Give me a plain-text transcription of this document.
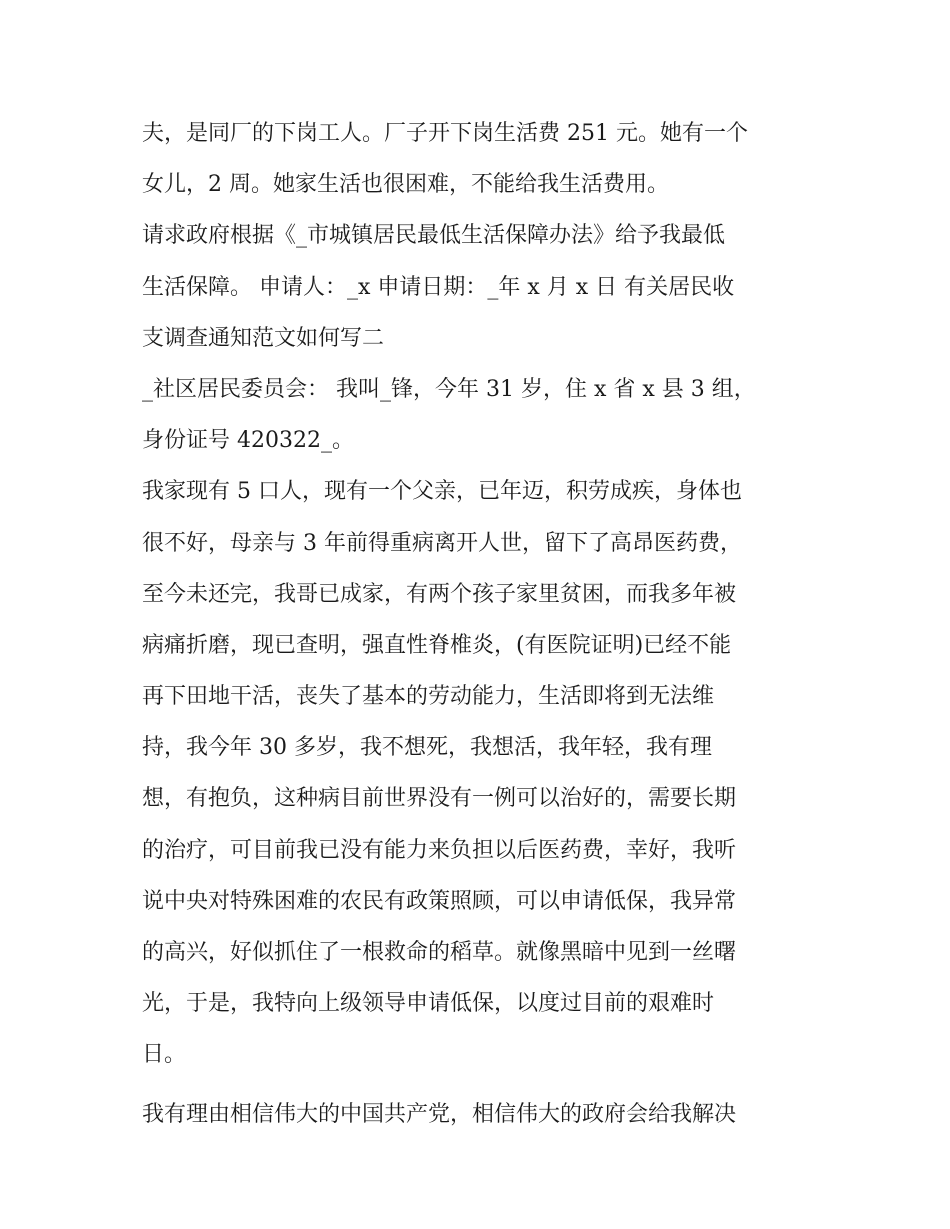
夫，是同厂的下岗工人。厂子开下岗生活费 251 元。她有一个
女儿，2 周。她家生活也很困难，不能给我生活费用。
请求政府根据《_市城镇居民最低生活保障办法》给予我最低
生活保障。 申请人：_x 申请日期：_年 x 月 x 日 有关居民收
支调查通知范文如何写二
_社区居民委员会： 我叫_锋，今年 31 岁，住 x 省 x 县 3 组，
身份证号 420322_。
我家现有 5 口人，现有一个父亲，已年迈，积劳成疾，身体也
很不好，母亲与 3 年前得重病离开人世，留下了高昂医药费，
至今未还完，我哥已成家，有两个孩子家里贫困，而我多年被
病痛折磨，现已查明，强直性脊椎炎，(有医院证明)已经不能
再下田地干活，丧失了基本的劳动能力，生活即将到无法维
持，我今年 30 多岁，我不想死，我想活，我年轻，我有理
想，有抱负，这种病目前世界没有一例可以治好的，需要长期
的治疗，可目前我已没有能力来负担以后医药费，幸好，我听
说中央对特殊困难的农民有政策照顾，可以申请低保，我异常
的高兴，好似抓住了一根救命的稻草。就像黑暗中见到一丝曙
光，于是，我特向上级领导申请低保，以度过目前的艰难时
日。
我有理由相信伟大的中国共产党，相信伟大的政府会给我解决
